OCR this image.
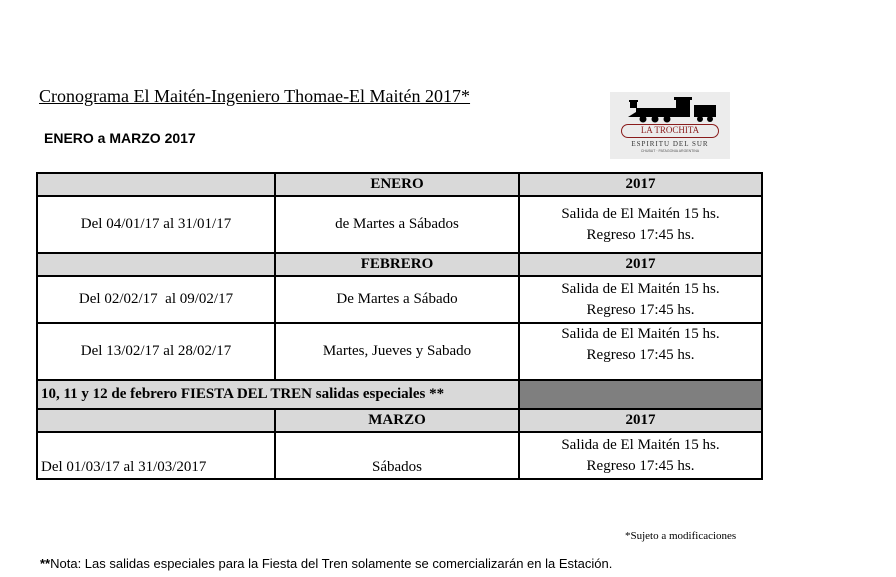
Cronograma El Maitén-Ingeniero Thomae-El Maitén 2017*
ENERO a MARZO 2017	LA TROCHITA
ESPIRITU DEL SUR
CHUBUT · PATAGONIA ARGENTINA
	ENERO	2017
Del 04/01/17 al 31/01/17	de Martes a Sábados	Salida de El Maitén 15 hs.
Regreso 17:45 hs.

	FEBRERO	2017
Del 02/02/17  al 09/02/17	De Martes a Sábado	Salida de El Maitén 15 hs.
Regreso 17:45 hs.

Del 13/02/17 al 28/02/17	Martes, Jueves y Sabado	Salida de El Maitén 15 hs.
Regreso 17:45 hs.

10, 11 y 12 de febrero FIESTA DEL TREN salidas especiales **		
	MARZO	2017
Del 01/03/17 al 31/03/2017	Sábados	Salida de El Maitén 15 hs.
Regreso 17:45 hs.
*Sujeto a modificaciones
**Nota: Las salidas especiales para la Fiesta del Tren solamente se comercializarán en la Estación.
